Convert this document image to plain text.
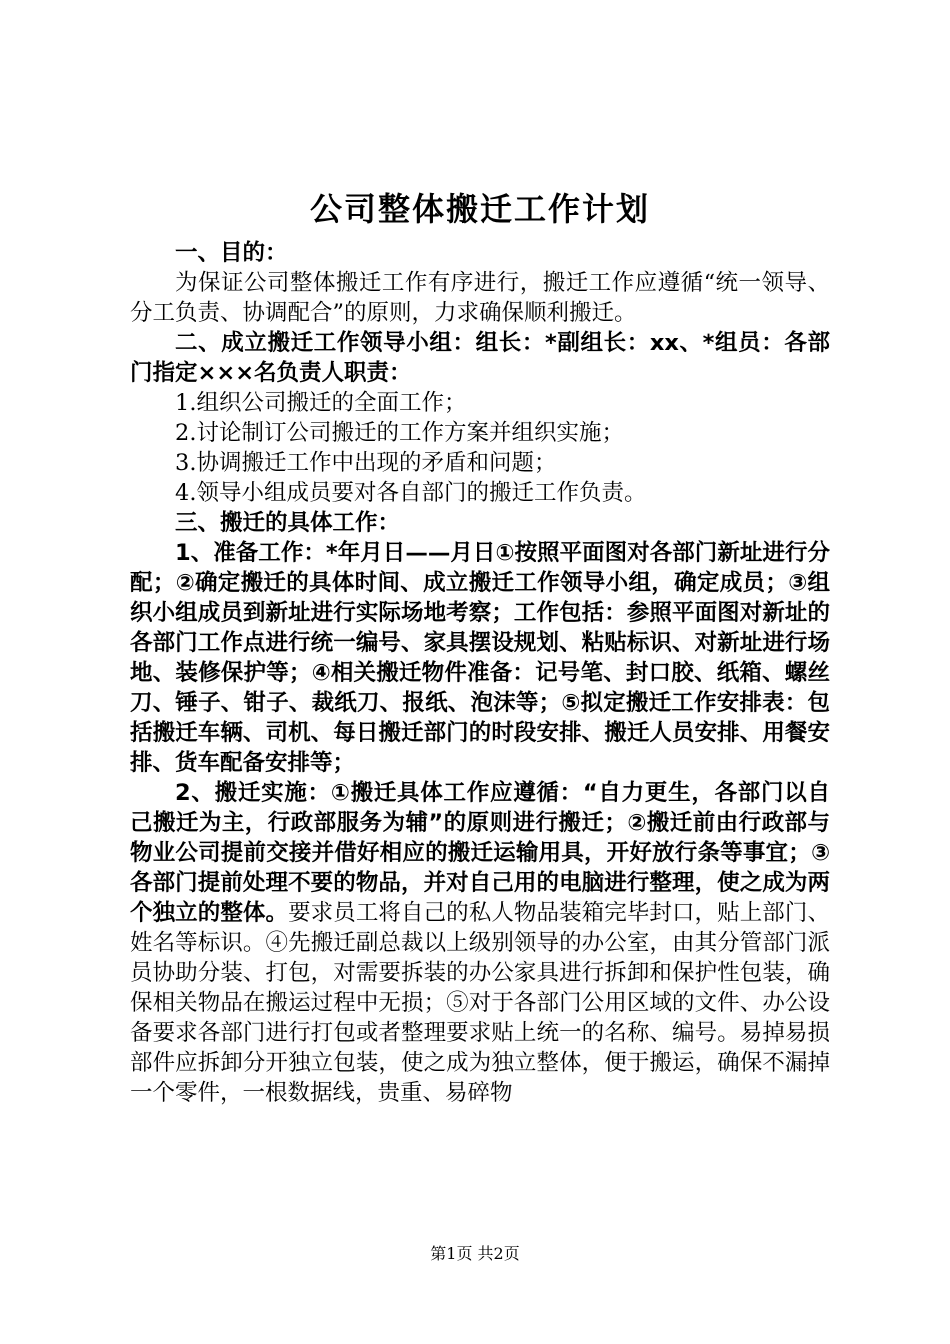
公司整体搬迁工作计划

一、目的：

为保证公司整体搬迁工作有序进行，搬迁工作应遵循“统一领导、分工负责、协调配合”的原则，力求确保顺利搬迁。

二、成立搬迁工作领导小组：组长：*副组长：xx、*组员：各部门指定×××名负责人职责：

1.组织公司搬迁的全面工作；

2.讨论制订公司搬迁的工作方案并组织实施；

3.协调搬迁工作中出现的矛盾和问题；

4.领导小组成员要对各自部门的搬迁工作负责。

三、搬迁的具体工作：

1、准备工作：*年月日——月日①按照平面图对各部门新址进行分配；②确定搬迁的具体时间、成立搬迁工作领导小组，确定成员；③组织小组成员到新址进行实际场地考察；工作包括：参照平面图对新址的各部门工作点进行统一编号、家具摆设规划、粘贴标识、对新址进行场地、装修保护等；④相关搬迁物件准备：记号笔、封口胶、纸箱、螺丝刀、锤子、钳子、裁纸刀、报纸、泡沫等；⑤拟定搬迁工作安排表：包括搬迁车辆、司机、每日搬迁部门的时段安排、搬迁人员安排、用餐安排、货车配备安排等；

2、搬迁实施：①搬迁具体工作应遵循：“自力更生，各部门以自己搬迁为主，行政部服务为辅”的原则进行搬迁；②搬迁前由行政部与物业公司提前交接并借好相应的搬迁运输用具，开好放行条等事宜；③各部门提前处理不要的物品，并对自己用的电脑进行整理，使之成为两个独立的整体。要求员工将自己的私人物品装箱完毕封口，贴上部门、姓名等标识。④先搬迁副总裁以上级别领导的办公室，由其分管部门派员协助分装、打包，对需要拆装的办公家具进行拆卸和保护性包装，确保相关物品在搬运过程中无损；⑤对于各部门公用区域的文件、办公设备要求各部门进行打包或者整理要求贴上统一的名称、编号。易掉易损部件应拆卸分开独立包装，使之成为独立整体，便于搬运，确保不漏掉一个零件，一根数据线，贵重、易碎物

第1页 共2页
